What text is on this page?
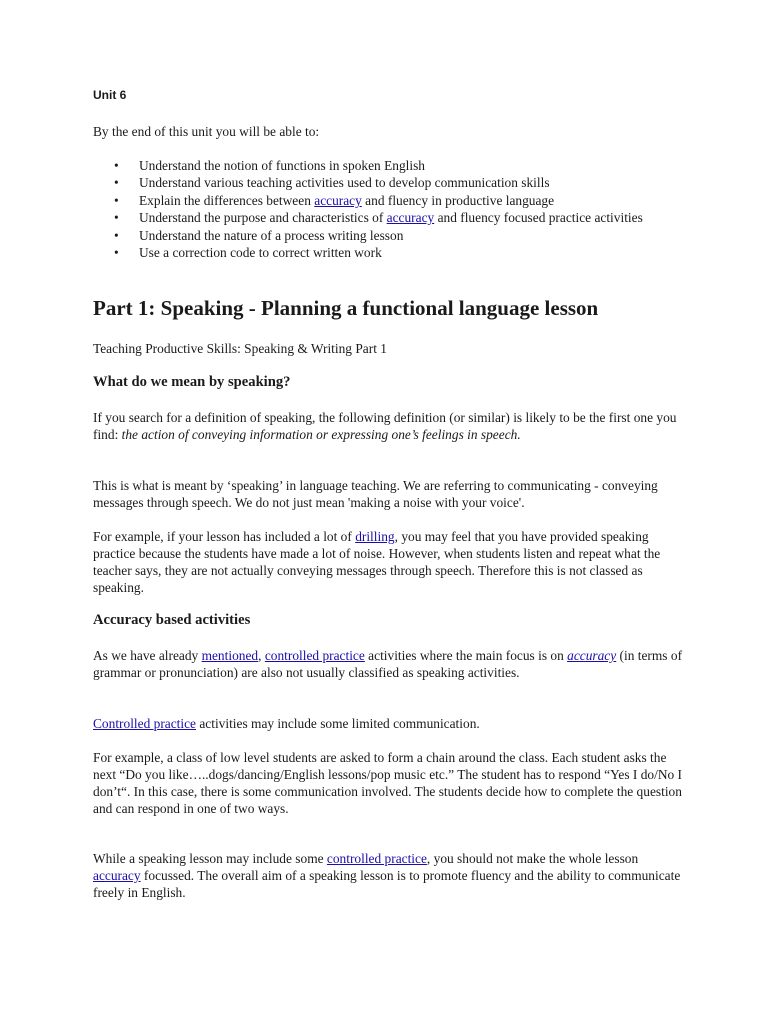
Unit 6
By the end of this unit you will be able to:
• Understand the notion of functions in spoken English
• Understand various teaching activities used to develop communication skills
• Explain the differences between accuracy and fluency in productive language
• Understand the purpose and characteristics of accuracy and fluency focused practice activities
• Understand the nature of a process writing lesson
• Use a correction code to correct written work
Part 1: Speaking - Planning a functional language lesson
Teaching Productive Skills: Speaking & Writing Part 1
What do we mean by speaking?
If you search for a definition of speaking, the following definition (or similar) is likely to be the first one you find: the action of conveying information or expressing one’s feelings in speech.
This is what is meant by ‘speaking’ in language teaching. We are referring to communicating - conveying messages through speech. We do not just mean 'making a noise with your voice'.
For example, if your lesson has included a lot of drilling, you may feel that you have provided speaking practice because the students have made a lot of noise. However, when students listen and repeat what the teacher says, they are not actually conveying messages through speech. Therefore this is not classed as speaking.
Accuracy based activities
As we have already mentioned, controlled practice activities where the main focus is on accuracy (in terms of grammar or pronunciation) are also not usually classified as speaking activities.
Controlled practice activities may include some limited communication.
For example, a class of low level students are asked to form a chain around the class. Each student asks the next “Do you like…..dogs/dancing/English lessons/pop music etc.” The student has to respond “Yes I do/No I don’t“. In this case, there is some communication involved. The students decide how to complete the question and can respond in one of two ways.
While a speaking lesson may include some controlled practice, you should not make the whole lesson accuracy focussed. The overall aim of a speaking lesson is to promote fluency and the ability to communicate freely in English.
